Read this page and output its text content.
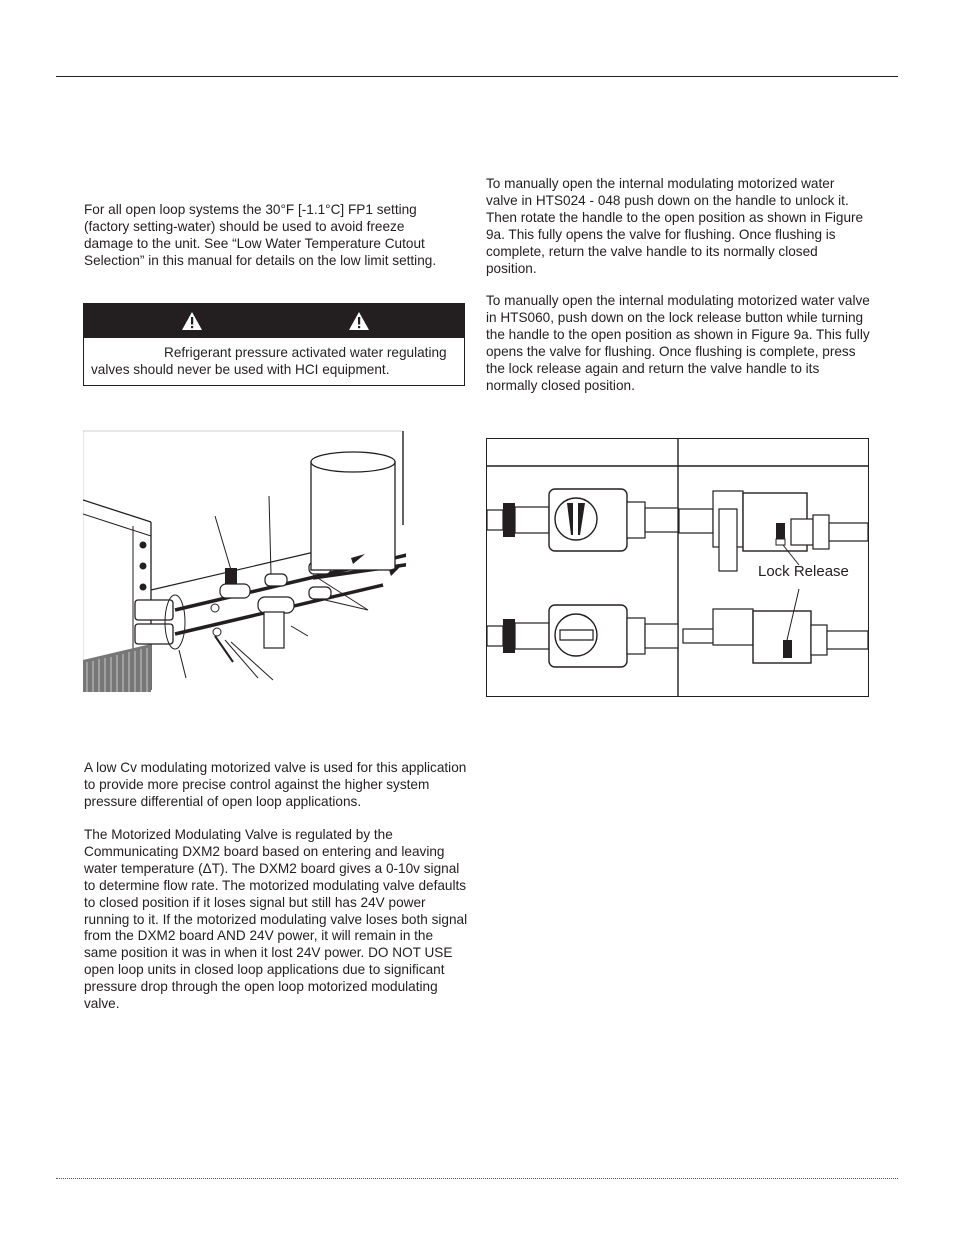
For all open loop systems the 30°F [-1.1°C] FP1 setting (factory setting-water) should be used to avoid freeze damage to the unit. See “Low Water Temperature Cutout Selection” in this manual for details on the low limit setting.

Refrigerant pressure activated water regulating valves should never be used with HCI equipment.

A low Cv modulating motorized valve is used for this application to provide more precise control against the higher system pressure differential of open loop applications.

The Motorized Modulating Valve is regulated by the Communicating DXM2 board based on entering and leaving water temperature (ΔT). The DXM2 board gives a 0-10v signal to determine flow rate. The motorized modulating valve defaults to closed position if it loses signal but still has 24V power running to it. If the motorized modulating valve loses both signal from the DXM2 board AND 24V power, it will remain in the same position it was in when it lost 24V power. DO NOT USE open loop units in closed loop applications due to significant pressure drop through the open loop motorized modulating valve.

To manually open the internal modulating motorized water valve in HTS024 - 048 push down on the handle to unlock it. Then rotate the handle to the open position as shown in Figure 9a. This fully opens the valve for flushing. Once flushing is complete, return the valve handle to its normally closed position.

To manually open the internal modulating motorized water valve in HTS060, push down on the lock release button while turning the handle to the open position as shown in Figure 9a. This fully opens the valve for flushing. Once flushing is complete, press the lock release again and return the valve handle to its normally closed position.

Lock Release
